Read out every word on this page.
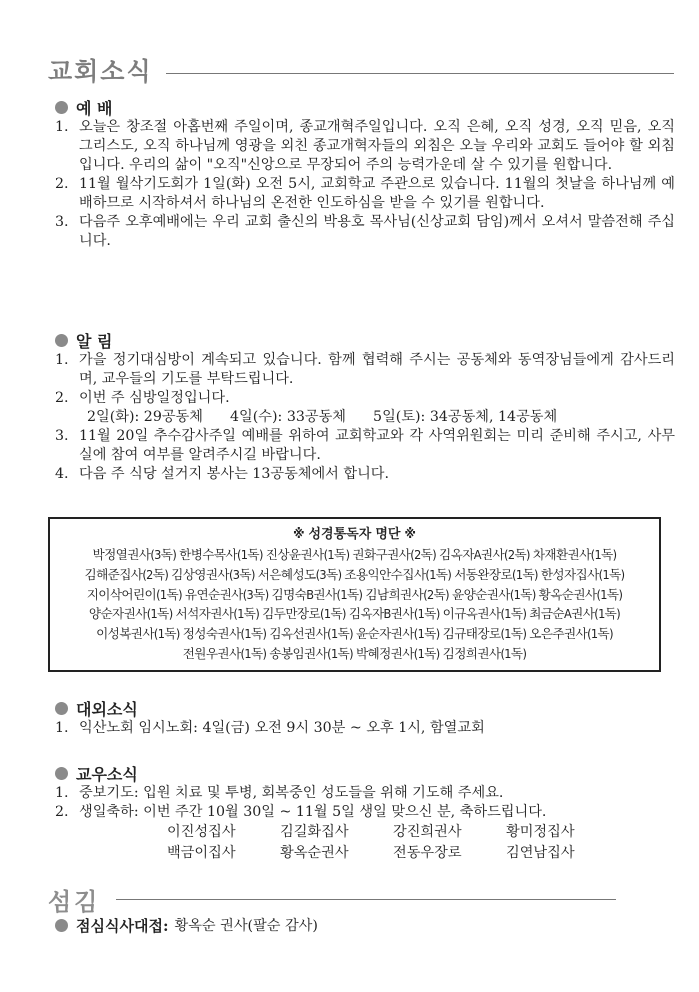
교회소식
예 배
1. 오늘은 창조절 아홉번째 주일이며, 종교개혁주일입니다. 오직 은혜, 오직 성경, 오직 믿음, 오직 그리스도, 오직 하나님께 영광을 외친 종교개혁자들의 외침은 오늘 우리와 교회도 들어야 할 외침입니다. 우리의 삶이 "오직"신앙으로 무장되어 주의 능력가운데 살 수 있기를 원합니다.
2. 11월 월삭기도회가 1일(화) 오전 5시, 교회학교 주관으로 있습니다. 11월의 첫날을 하나님께 예배하므로 시작하셔서 하나님의 온전한 인도하심을 받을 수 있기를 원합니다.
3. 다음주 오후예배에는 우리 교회 출신의 박용호 목사님(신상교회 담임)께서 오셔서 말씀전해 주십니다.
알 림
1. 가을 정기대심방이 계속되고 있습니다. 함께 협력해 주시는 공동체와 동역장님들에게 감사드리며, 교우들의 기도를 부탁드립니다.
2. 이번 주 심방일정입니다.
2일(화): 29공동체      4일(수): 33공동체      5일(토): 34공동체, 14공동체
3. 11월 20일 추수감사주일 예배를 위하여 교회학교와 각 사역위원회는 미리 준비해 주시고, 사무실에 참여 여부를 알려주시길 바랍니다.
4. 다음 주 식당 설거지 봉사는 13공동체에서 합니다.
※ 성경통독자 명단 ※
박정열권사(3독) 한병수목사(1독) 진상윤권사(1독) 권화구권사(2독) 김옥자A권사(2독) 차재환권사(1독)
김해준집사(2독) 김상영권사(3독) 서은혜성도(3독) 조용익안수집사(1독) 서동완장로(1독) 한성자집사(1독)
지이삭어린이(1독) 유연순권사(3독) 김명숙B권사(1독) 김남희권사(2독) 윤양순권사(1독) 황옥순권사(1독)
양순자권사(1독) 서석자권사(1독) 김두만장로(1독) 김옥자B권사(1독) 이규옥권사(1독) 최금순A권사(1독)
이성복권사(1독) 정성숙권사(1독) 김옥선권사(1독) 윤순자권사(1독) 김규태장로(1독) 오은주권사(1독)
전원우권사(1독) 송봉임권사(1독) 박혜정권사(1독) 김정희권사(1독)
대외소식
1. 익산노회 임시노회: 4일(금) 오전 9시 30분 ~ 오후 1시, 함열교회
교우소식
1. 중보기도: 입원 치료 및 투병, 회복중인 성도들을 위해 기도해 주세요.
2. 생일축하: 이번 주간 10월 30일 ~ 11월 5일 생일 맞으신 분, 축하드립니다.
이진성집사	김길화집사	강진희권사	황미정집사
백금이집사	황옥순권사	전동우장로	김연남집사
섬김
점심식사대접: 황옥순 권사(팔순 감사)
